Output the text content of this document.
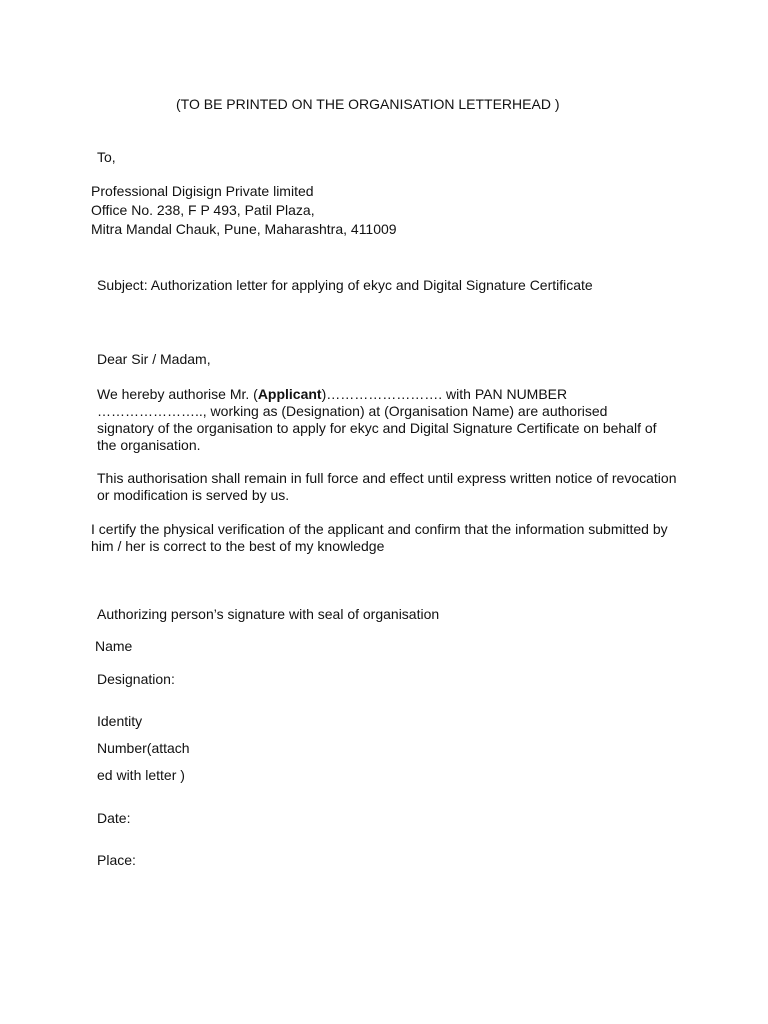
(TO BE PRINTED ON THE ORGANISATION LETTERHEAD )

To,

Professional Digisign Private limited

Office No. 238, F P 493, Patil Plaza,

Mitra Mandal Chauk, Pune, Maharashtra, 411009

Subject: Authorization letter for applying of ekyc and Digital Signature Certificate

Dear Sir / Madam,

We hereby authorise Mr. (Applicant)……………………. with PAN NUMBER

………………….., working as (Designation) at (Organisation Name) are authorised

signatory of the organisation to apply for ekyc and Digital Signature Certificate on behalf of

the organisation.

This authorisation shall remain in full force and effect until express written notice of revocation

or modification is served by us.

I certify the physical verification of the applicant and confirm that the information submitted by

him / her is correct to the best of my knowledge

Authorizing person’s signature with seal of organisation

Name

Designation:

Identity

Number(attach

ed with letter )

Date:

Place:
